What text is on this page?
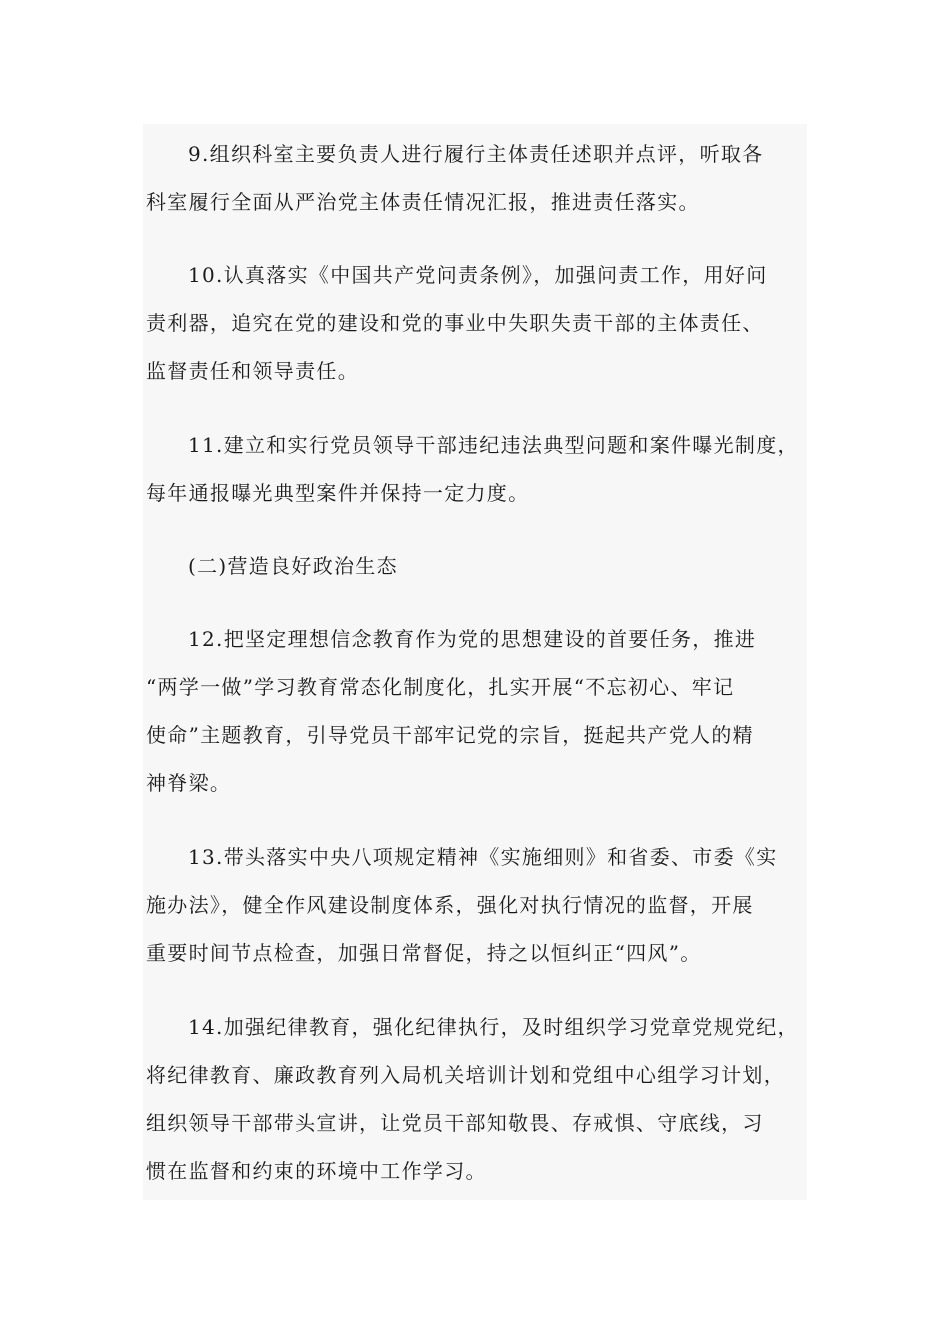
9.组织科室主要负责人进行履行主体责任述职并点评，听取各
科室履行全面从严治党主体责任情况汇报，推进责任落实。
10.认真落实《中国共产党问责条例》，加强问责工作，用好问
责利器，追究在党的建设和党的事业中失职失责干部的主体责任、
监督责任和领导责任。
11.建立和实行党员领导干部违纪违法典型问题和案件曝光制度，
每年通报曝光典型案件并保持一定力度。
(二)营造良好政治生态
12.把坚定理想信念教育作为党的思想建设的首要任务，推进
“两学一做”学习教育常态化制度化，扎实开展“不忘初心、牢记
使命”主题教育，引导党员干部牢记党的宗旨，挺起共产党人的精
神脊梁。
13.带头落实中央八项规定精神《实施细则》和省委、市委《实
施办法》，健全作风建设制度体系，强化对执行情况的监督，开展
重要时间节点检查，加强日常督促，持之以恒纠正“四风”。
14.加强纪律教育，强化纪律执行，及时组织学习党章党规党纪，
将纪律教育、廉政教育列入局机关培训计划和党组中心组学习计划，
组织领导干部带头宣讲，让党员干部知敬畏、存戒惧、守底线，习
惯在监督和约束的环境中工作学习。
